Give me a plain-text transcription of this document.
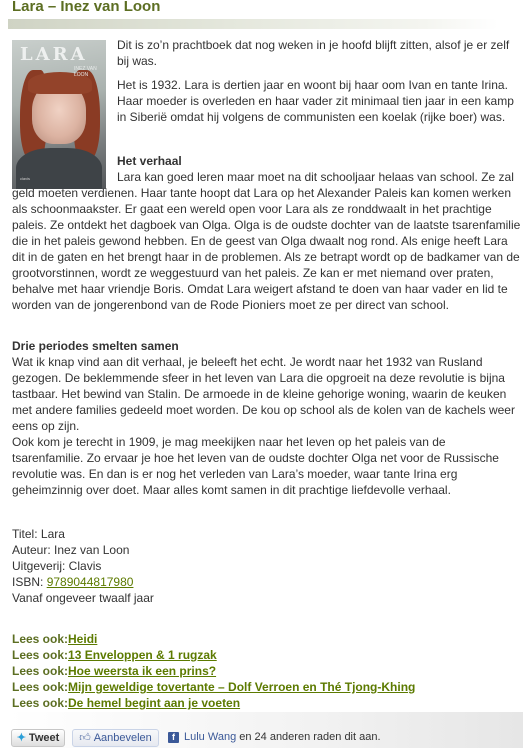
Lara – Inez van Loon
LARA
INEZ VAN LOON
clavis

Dit is zo’n prachtboek dat nog weken in je hoofd blijft zitten, alsof je er zelf bij was.

Het is 1932. Lara is dertien jaar en woont bij haar oom Ivan en tante Irina. Haar moeder is overleden en haar vader zit minimaal tien jaar in een kamp in Siberië omdat hij volgens de communisten een koelak (rijke boer) was.

Het verhaal

Lara kan goed leren maar moet na dit schooljaar helaas van school. Ze zal geld moeten verdienen. Haar tante hoopt dat Lara op het Alexander Paleis kan komen werken als schoonmaakster. Er gaat een wereld open voor Lara als ze ronddwaalt in het prachtige paleis. Ze ontdekt het dagboek van Olga. Olga is de oudste dochter van de laatste tsarenfamilie die in het paleis gewond hebben. En de geest van Olga dwaalt nog rond. Als enige heeft Lara dit in de gaten en het brengt haar in de problemen. Als ze betrapt wordt op de badkamer van de grootvorstinnen, wordt ze weggestuurd van het paleis. Ze kan er met niemand over praten, behalve met haar vriendje Boris. Omdat Lara weigert afstand te doen van haar vader en lid te worden van de jongerenbond van de Rode Pioniers moet ze per direct van school.

Drie periodes smelten samen

Wat ik knap vind aan dit verhaal, je beleeft het echt. Je wordt naar het 1932 van Rusland gezogen. De beklemmende sfeer in het leven van Lara die opgroeit na deze revolutie is bijna tastbaar. Het bewind van Stalin. De armoede in de kleine gehorige woning, waarin de keuken met andere families gedeeld moet worden. De kou op school als de kolen van de kachels weer eens op zijn.

Ook kom je terecht in 1909, je mag meekijken naar het leven op het paleis van de tsarenfamilie. Zo ervaar je hoe het leven van de oudste dochter Olga net voor de Russische revolutie was. En dan is er nog het verleden van Lara’s moeder, waar tante Irina erg geheimzinnig over doet. Maar alles komt samen in dit prachtige liefdevolle verhaal.

Titel: Lara
Auteur: Inez van Loon
Uitgeverij: Clavis
ISBN: 9789044817980
Vanaf ongeveer twaalf jaar
Lees ook:Heidi
Lees ook:13 Enveloppen & 1 rugzak
Lees ook:Hoe weersta ik een prins?
Lees ook:Mijn geweldige tovertante – Dolf Verroen en Thé Tjong-Khing
Lees ook:De hemel begint aan je voeten
✦ Tweet 👍︎ Aanbevelen	f Lulu Wang en 24 anderen raden dit aan.
